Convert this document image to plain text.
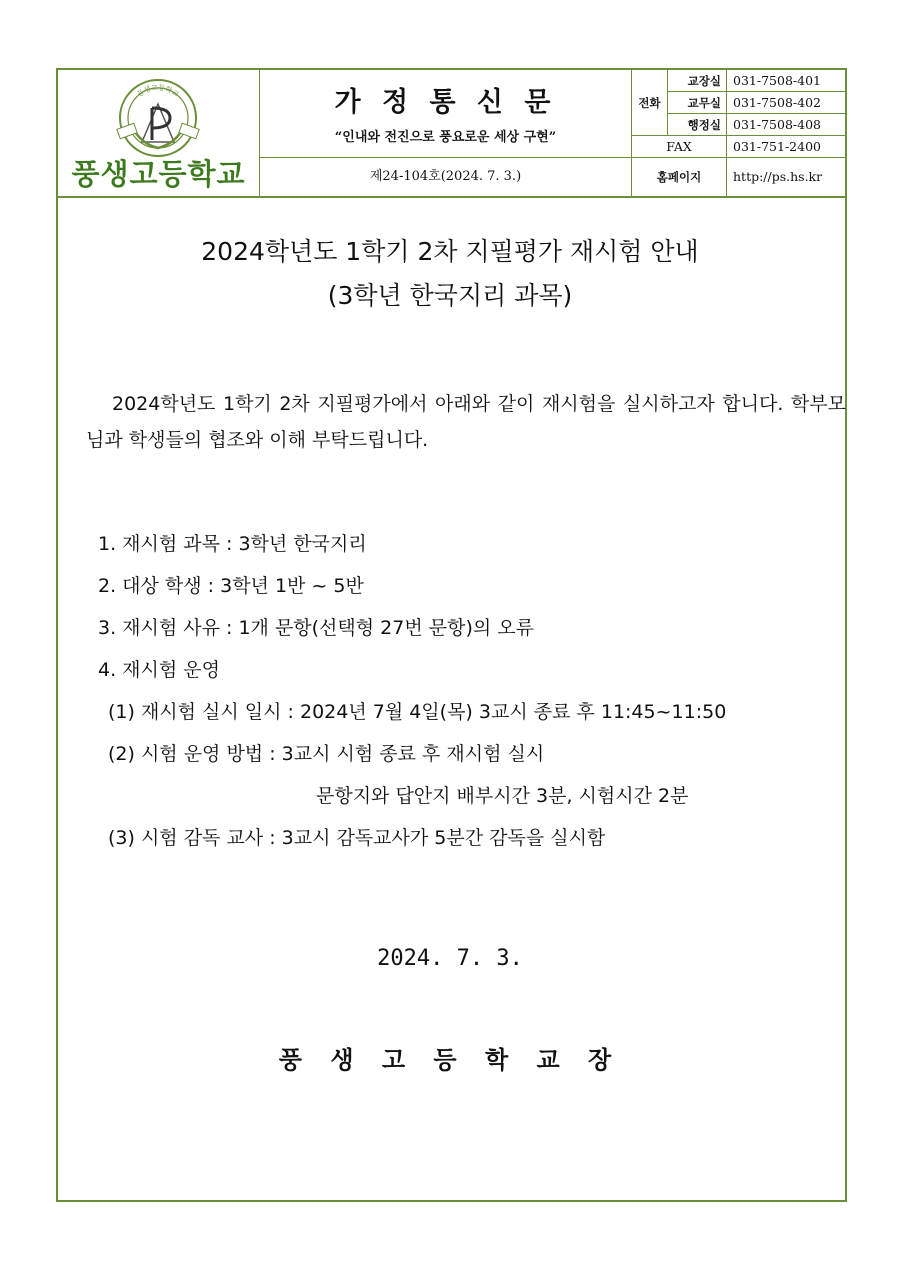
풍생고등학교
풍생고등학교
가 정 통 신 문
“인내와 전진으로 풍요로운 세상 구현”
제24-104호(2024. 7. 3.)
전화
교장실 031-7508-401
교무실 031-7508-402
행정실 031-7508-408
FAX	031-751-2400
홈페이지	http://ps.hs.kr
2024학년도 1학기 2차 지필평가 재시험 안내
(3학년 한국지리 과목)
2024학년도 1학기 2차 지필평가에서 아래와 같이 재시험을 실시하고자 합니다. 학부모님과 학생들의 협조와 이해 부탁드립니다.
1. 재시험 과목 : 3학년 한국지리
2. 대상 학생 : 3학년 1반 ~ 5반
3. 재시험 사유 : 1개 문항(선택형 27번 문항)의 오류
4. 재시험 운영
(1) 재시험 실시 일시 : 2024년 7월 4일(목) 3교시 종료 후 11:45~11:50
(2) 시험 운영 방법 : 3교시 시험 종료 후 재시험 실시
문항지와 답안지 배부시간 3분, 시험시간 2분
(3) 시험 감독 교사 : 3교시 감독교사가 5분간 감독을 실시함
2024. 7. 3.
풍 생 고 등 학 교 장
